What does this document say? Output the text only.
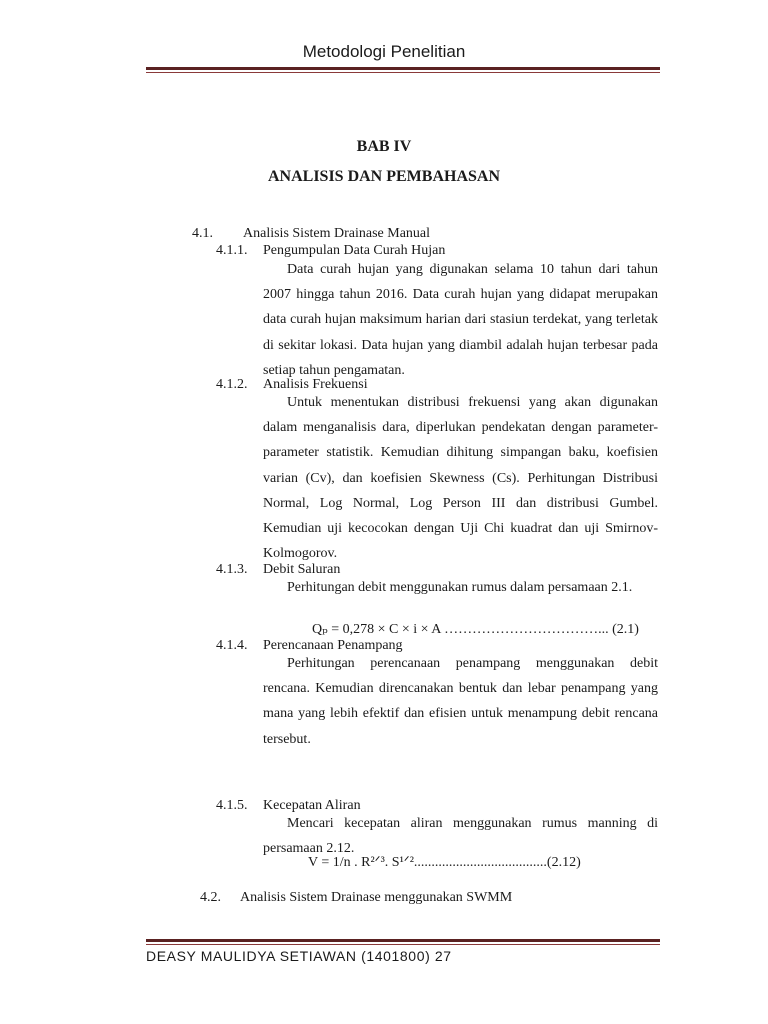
Metodologi Penelitian
BAB IV
ANALISIS DAN PEMBAHASAN
4.1. Analisis Sistem Drainase Manual
4.1.1. Pengumpulan Data Curah Hujan

Data curah hujan yang digunakan selama 10 tahun dari tahun 2007 hingga tahun 2016. Data curah hujan yang didapat merupakan data curah hujan maksimum harian dari stasiun terdekat, yang terletak di sekitar lokasi. Data hujan yang diambil adalah hujan terbesar pada setiap tahun pengamatan.

4.1.2. Analisis Frekuensi

Untuk menentukan distribusi frekuensi yang akan digunakan dalam menganalisis dara, diperlukan pendekatan dengan parameter-parameter statistik. Kemudian dihitung simpangan baku, koefisien varian (Cv), dan koefisien Skewness (Cs). Perhitungan Distribusi Normal, Log Normal, Log Person III dan distribusi Gumbel. Kemudian uji kecocokan dengan Uji Chi kuadrat dan uji Smirnov-Kolmogorov.

4.1.3. Debit Saluran

Perhitungan debit menggunakan rumus dalam persamaan 2.1.

Qₚ = 0,278 × C × i × A ……………………………... (2.1)
4.1.4. Perencanaan Penampang

Perhitungan perencanaan penampang menggunakan debit rencana. Kemudian direncanakan bentuk dan lebar penampang yang mana yang lebih efektif dan efisien untuk menampung debit rencana tersebut.

4.1.5. Kecepatan Aliran

Mencari kecepatan aliran menggunakan rumus manning di persamaan 2.12.

V = 1/n . R²ᐟ³. S¹ᐟ²......................................(2.12)
4.2. Analisis Sistem Drainase menggunakan SWMM
DEASY MAULIDYA SETIAWAN (1401800) 27
